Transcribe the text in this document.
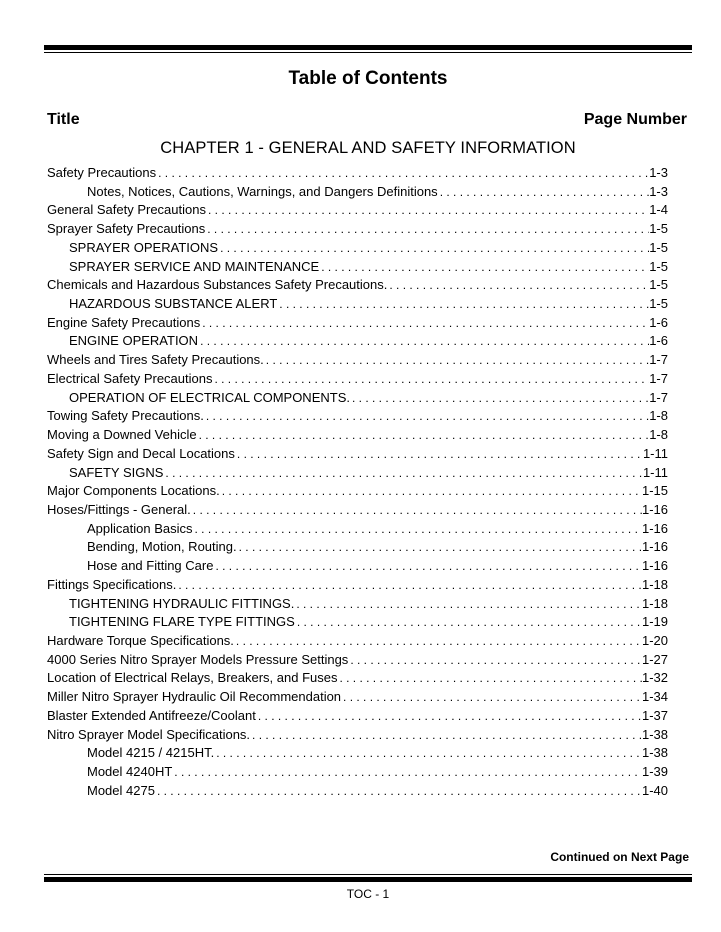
Table of Contents
Title	Page Number
CHAPTER 1 - GENERAL AND SAFETY INFORMATION
Safety Precautions . . .	1-3
Notes, Notices, Cautions, Warnings, and Dangers Definitions . . .	1-3
General Safety Precautions . . .	1-4
Sprayer Safety Precautions . . .	1-5
SPRAYER OPERATIONS . . .	1-5
SPRAYER SERVICE AND MAINTENANCE . . .	1-5
Chemicals and Hazardous Substances Safety Precautions. . . .	1-5
HAZARDOUS SUBSTANCE ALERT . . .	1-5
Engine Safety Precautions . . .	1-6
ENGINE OPERATION . . .	1-6
Wheels and Tires Safety Precautions. . . .	1-7
Electrical Safety Precautions . . .	1-7
OPERATION OF ELECTRICAL COMPONENTS. . . .	1-7
Towing Safety Precautions. . . .	1-8
Moving a Downed Vehicle . . .	1-8
Safety Sign and Decal Locations . . .	1-11
SAFETY SIGNS . . .	1-11
Major Components Locations. . . .	1-15
Hoses/Fittings - General. . . .	1-16
Application Basics . . .	1-16
Bending, Motion, Routing. . . .	1-16
Hose and Fitting Care . . .	1-16
Fittings Specifications. . . .	1-18
TIGHTENING HYDRAULIC FITTINGS. . . .	1-18
TIGHTENING FLARE TYPE FITTINGS . . .	1-19
Hardware Torque Specifications. . . .	1-20
4000 Series Nitro Sprayer Models Pressure Settings . . .	1-27
Location of Electrical Relays, Breakers, and Fuses . . .	1-32
Miller Nitro Sprayer Hydraulic Oil Recommendation . . .	1-34
Blaster Extended Antifreeze/Coolant . . .	1-37
Nitro Sprayer Model Specifications. . . .	1-38
Model 4215 / 4215HT. . . .	1-38
Model 4240HT . . .	1-39
Model 4275 . . .	1-40
Continued on Next Page
TOC - 1
